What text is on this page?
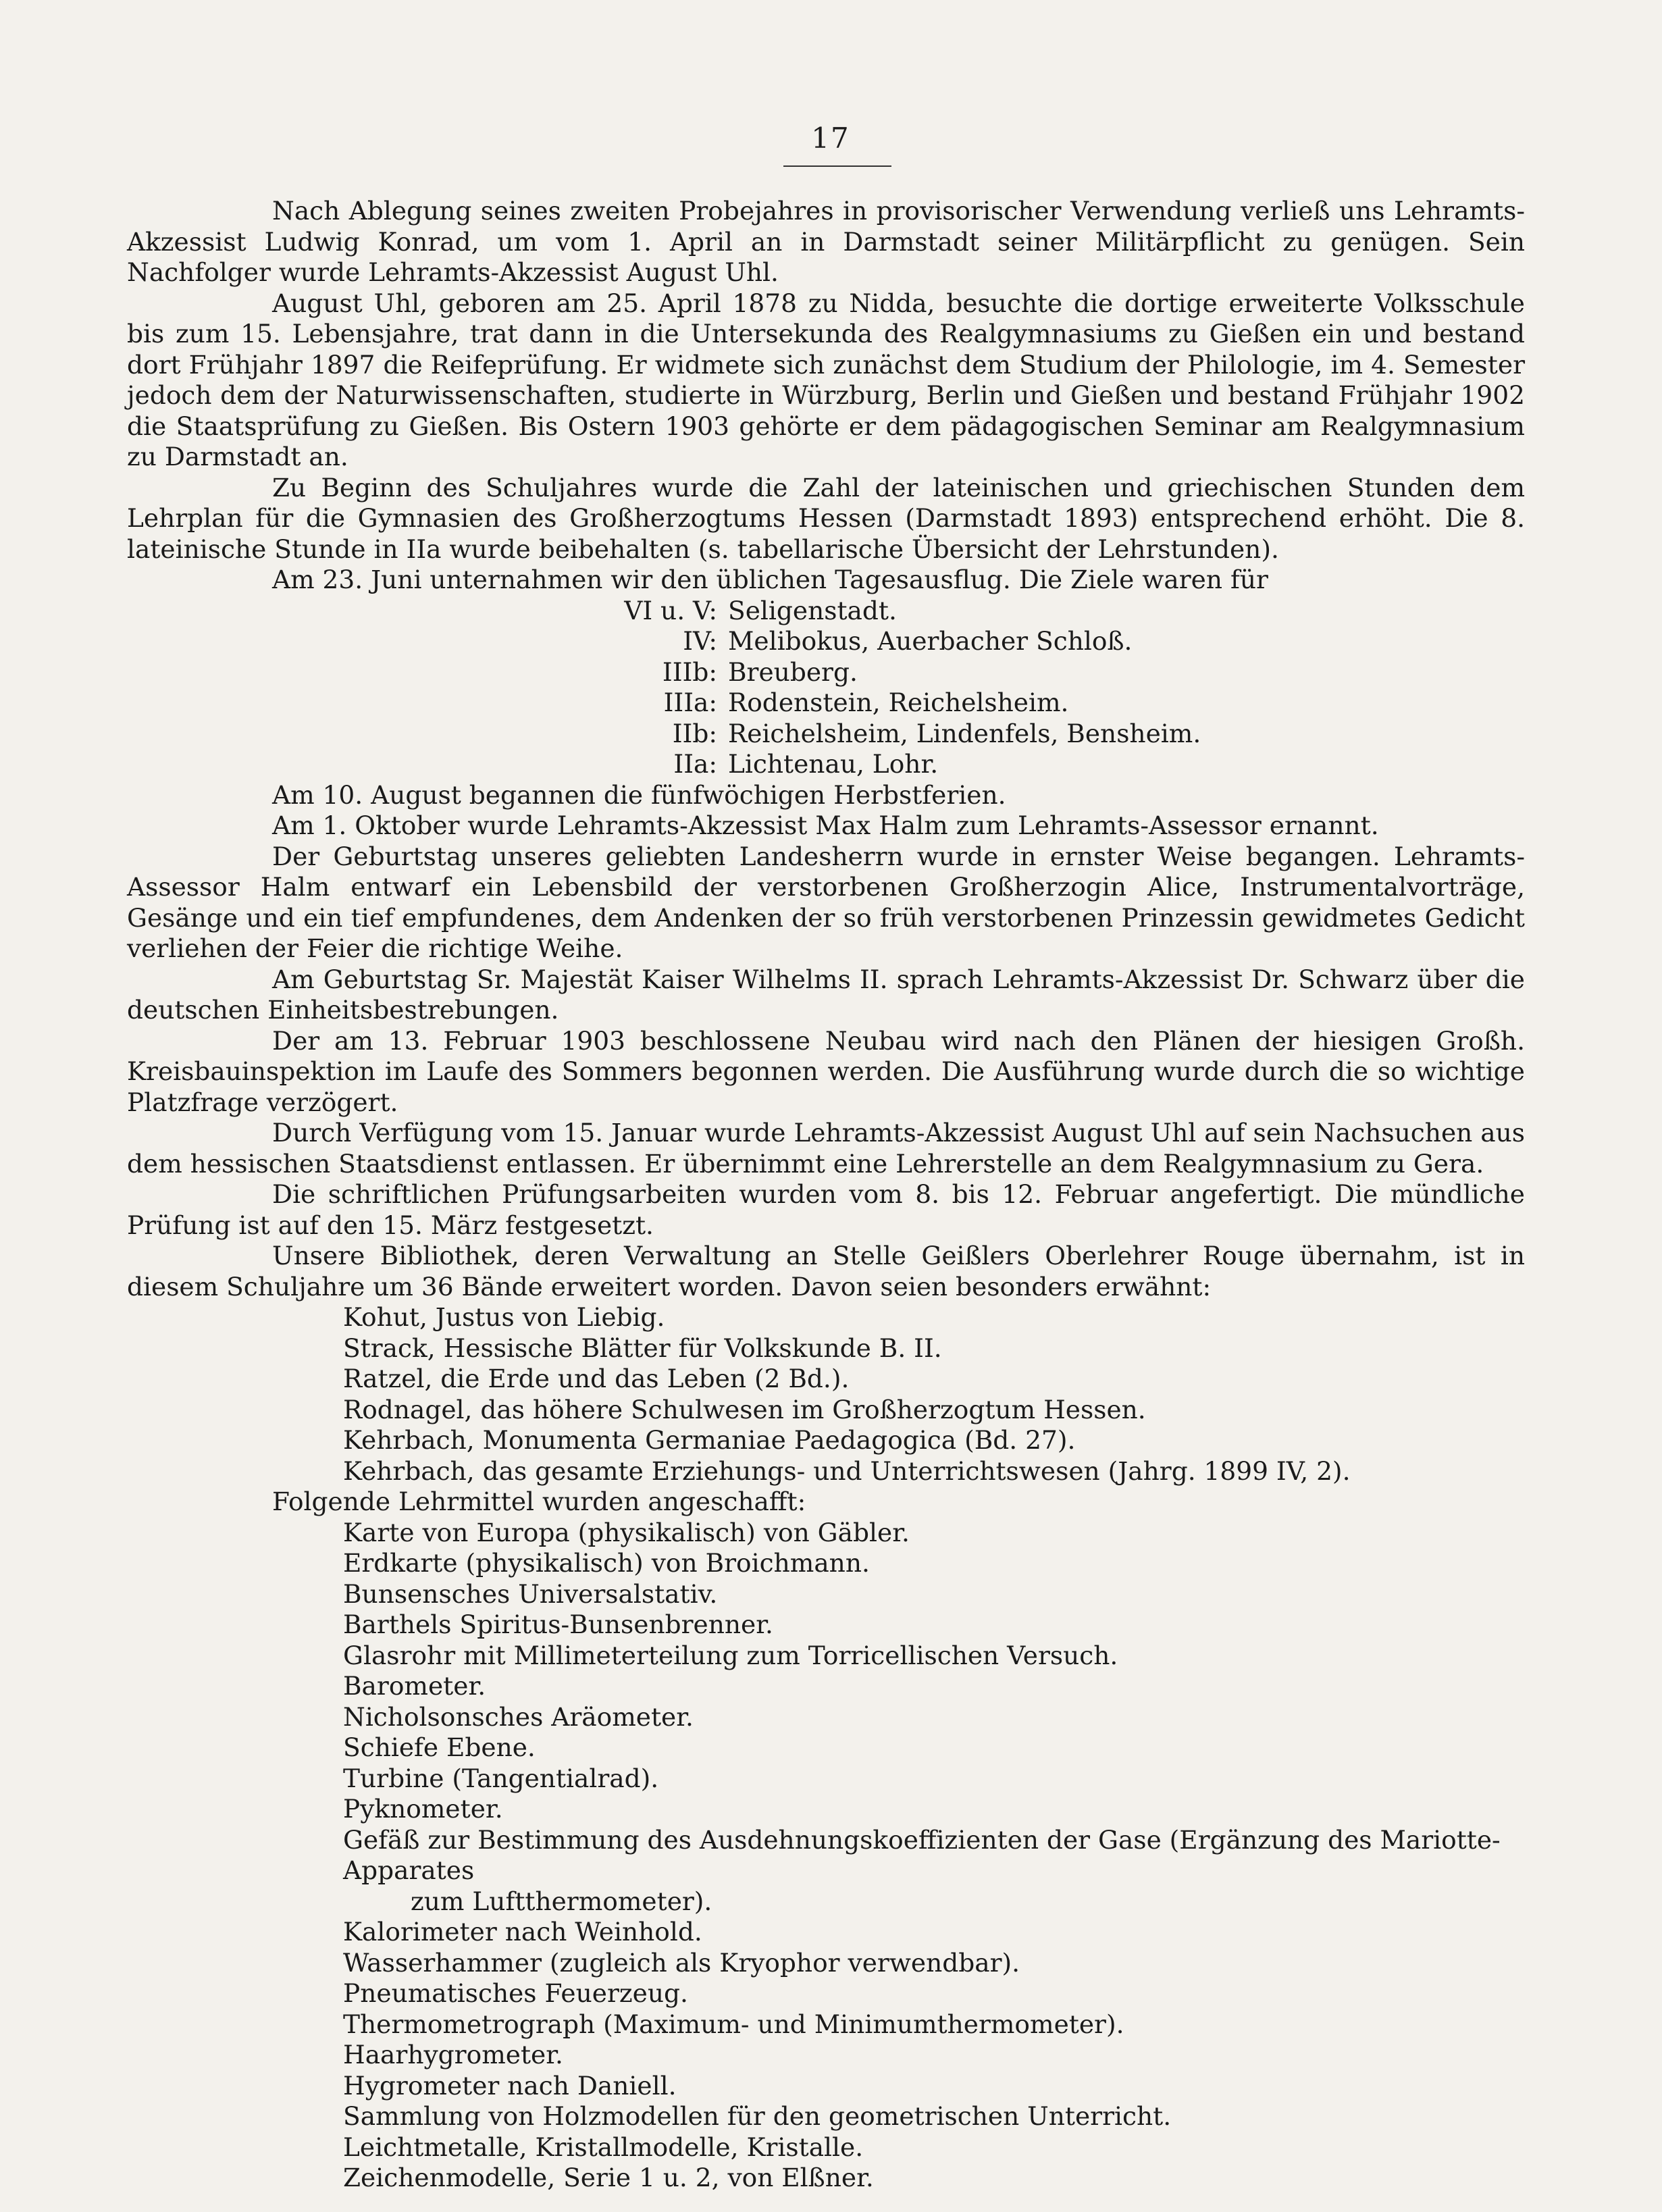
17

Nach Ablegung seines zweiten Probejahres in provisorischer Verwendung verließ uns Lehramts-Akzessist Ludwig Konrad, um vom 1. April an in Darmstadt seiner Militärpflicht zu genügen. Sein Nachfolger wurde Lehramts-Akzessist August Uhl.

August Uhl, geboren am 25. April 1878 zu Nidda, besuchte die dortige erweiterte Volksschule bis zum 15. Lebensjahre, trat dann in die Untersekunda des Realgymnasiums zu Gießen ein und bestand dort Frühjahr 1897 die Reifeprüfung. Er widmete sich zunächst dem Studium der Philologie, im 4. Semester jedoch dem der Naturwissenschaften, studierte in Würzburg, Berlin und Gießen und bestand Frühjahr 1902 die Staatsprüfung zu Gießen. Bis Ostern 1903 gehörte er dem pädagogischen Seminar am Realgymnasium zu Darmstadt an.

Zu Beginn des Schuljahres wurde die Zahl der lateinischen und griechischen Stunden dem Lehrplan für die Gymnasien des Großherzogtums Hessen (Darmstadt 1893) entsprechend erhöht. Die 8. lateinische Stunde in IIa wurde beibehalten (s. tabellarische Übersicht der Lehrstunden).

Am 23. Juni unternahmen wir den üblichen Tagesausflug. Die Ziele waren für

VI u. V: Seligenstadt.
IV: Melibokus, Auerbacher Schloß.
IIIb: Breuberg.
IIIa: Rodenstein, Reichelsheim.
IIb: Reichelsheim, Lindenfels, Bensheim.
IIa: Lichtenau, Lohr.

Am 10. August begannen die fünfwöchigen Herbstferien.

Am 1. Oktober wurde Lehramts-Akzessist Max Halm zum Lehramts-Assessor ernannt.

Der Geburtstag unseres geliebten Landesherrn wurde in ernster Weise begangen. Lehramts-Assessor Halm entwarf ein Lebensbild der verstorbenen Großherzogin Alice, Instrumentalvorträge, Gesänge und ein tief empfundenes, dem Andenken der so früh verstorbenen Prinzessin gewidmetes Gedicht verliehen der Feier die richtige Weihe.

Am Geburtstag Sr. Majestät Kaiser Wilhelms II. sprach Lehramts-Akzessist Dr. Schwarz über die deutschen Einheitsbestrebungen.

Der am 13. Februar 1903 beschlossene Neubau wird nach den Plänen der hiesigen Großh. Kreisbauinspektion im Laufe des Sommers begonnen werden. Die Ausführung wurde durch die so wichtige Platzfrage verzögert.

Durch Verfügung vom 15. Januar wurde Lehramts-Akzessist August Uhl auf sein Nachsuchen aus dem hessischen Staatsdienst entlassen. Er übernimmt eine Lehrerstelle an dem Realgymnasium zu Gera.

Die schriftlichen Prüfungsarbeiten wurden vom 8. bis 12. Februar angefertigt. Die mündliche Prüfung ist auf den 15. März festgesetzt.

Unsere Bibliothek, deren Verwaltung an Stelle Geißlers Oberlehrer Rouge übernahm, ist in diesem Schuljahre um 36 Bände erweitert worden. Davon seien besonders erwähnt:

Kohut, Justus von Liebig.

Strack, Hessische Blätter für Volkskunde B. II.

Ratzel, die Erde und das Leben (2 Bd.).

Rodnagel, das höhere Schulwesen im Großherzogtum Hessen.

Kehrbach, Monumenta Germaniae Paedagogica (Bd. 27).

Kehrbach, das gesamte Erziehungs- und Unterrichtswesen (Jahrg. 1899 IV, 2).

Folgende Lehrmittel wurden angeschafft:

Karte von Europa (physikalisch) von Gäbler.

Erdkarte (physikalisch) von Broichmann.

Bunsensches Universalstativ.

Barthels Spiritus-Bunsenbrenner.

Glasrohr mit Millimeterteilung zum Torricellischen Versuch.

Barometer.

Nicholsonsches Aräometer.

Schiefe Ebene.

Turbine (Tangentialrad).

Pyknometer.

Gefäß zur Bestimmung des Ausdehnungskoeffizienten der Gase (Ergänzung des Mariotte-Apparates

zum Luftthermometer).

Kalorimeter nach Weinhold.

Wasserhammer (zugleich als Kryophor verwendbar).

Pneumatisches Feuerzeug.

Thermometrograph (Maximum- und Minimumthermometer).

Haarhygrometer.

Hygrometer nach Daniell.

Sammlung von Holzmodellen für den geometrischen Unterricht.

Leichtmetalle, Kristallmodelle, Kristalle.

Zeichenmodelle, Serie 1 u. 2, von Elßner.
